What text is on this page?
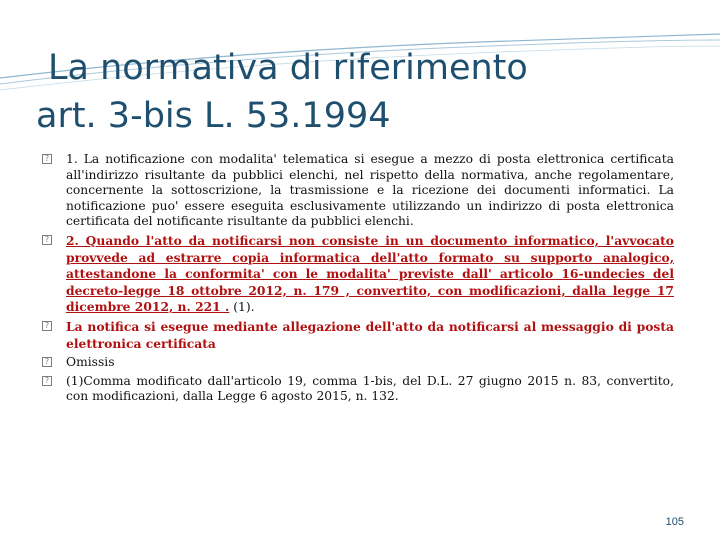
La normativa di riferimento
art. 3-bis L. 53.1994
? 1. La notificazione con modalita' telematica si esegue a mezzo di posta elettronica certificata all'indirizzo risultante da pubblici elenchi, nel rispetto della normativa, anche regolamentare, concernente la sottoscrizione, la trasmissione e la ricezione dei documenti informatici. La notificazione puo' essere eseguita esclusivamente utilizzando un indirizzo di posta elettronica certificata del notificante risultante da pubblici elenchi.
? 2. Quando l'atto da notificarsi non consiste in un documento informatico, l'avvocato provvede ad estrarre copia informatica dell'atto formato su supporto analogico, attestandone la conformita' con le modalita' previste dall' articolo 16-undecies del decreto-legge 18 ottobre 2012, n. 179 , convertito, con modificazioni, dalla legge 17 dicembre 2012, n. 221 . (1).
? La notifica si esegue mediante allegazione dell'atto da notificarsi al messaggio di posta elettronica certificata
? Omissis
? (1)Comma modificato dall'articolo 19, comma 1-bis, del D.L. 27 giugno 2015 n. 83, convertito, con modificazioni, dalla Legge 6 agosto 2015, n. 132.
105
